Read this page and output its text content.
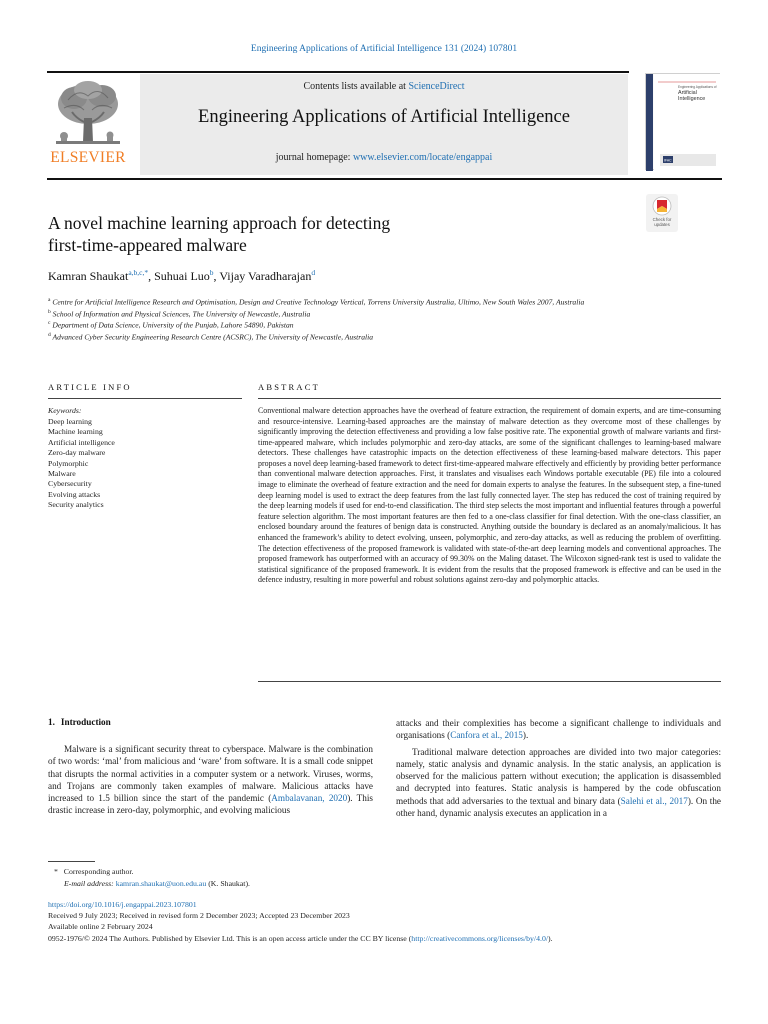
Engineering Applications of Artificial Intelligence 131 (2024) 107801
ELSEVIER
Contents lists available at ScienceDirect
Engineering Applications of Artificial Intelligence
journal homepage: www.elsevier.com/locate/engappai
Engineering Applications of
Artificial
Intelligence
IFAC
Check for
updates
A novel machine learning approach for detecting
first-time-appeared malware
Kamran Shaukat$^{a,b,c,*}$, Suhuai Luo$^b$, Vijay Varadharajan$^d$
$^a$ Centre for Artificial Intelligence Research and Optimisation, Design and Creative Technology Vertical, Torrens University Australia, Ultimo, New South Wales 2007, Australia
$^b$ School of Information and Physical Sciences, The University of Newcastle, Australia
$^c$ Department of Data Science, University of the Punjab, Lahore 54890, Pakistan
$^d$ Advanced Cyber Security Engineering Research Centre (ACSRC), The University of Newcastle, Australia
ARTICLE INFO
Keywords:
Deep learning
Machine learning
Artificial intelligence
Zero-day malware
Polymorphic
Malware
Cybersecurity
Evolving attacks
Security analytics
ABSTRACT

Conventional malware detection approaches have the overhead of feature extraction, the requirement of domain experts, and are time-consuming and resource-intensive. Learning-based approaches are the mainstay of malware detection as they overcome most of these challenges by significantly improving the detection effectiveness and providing a low false positive rate. The exponential growth of malware variants and first-time-appeared malware, which includes polymorphic and zero-day attacks, are some of the significant challenges to learning-based malware detectors. These challenges have catastrophic impacts on the detection effectiveness of these learning-based malware detectors. This paper proposes a novel deep learning-based framework to detect first-time-appeared malware effectively and efficiently by providing better performance than conventional malware detection approaches. First, it translates and visualises each Windows portable executable (PE) file into a coloured image to eliminate the overhead of feature extraction and the need for domain experts to analyse the features. In the subsequent step, a fine-tuned deep learning model is used to extract the deep features from the last fully connected layer. The step has reduced the cost of training required by the deep learning models if used for end-to-end classification. The third step selects the most important and influential features through a powerful feature selection algorithm. The most important features are then fed to a one-class classifier for final detection. With the one-class classifier, an enclosed boundary around the features of benign data is constructed. Anything outside the boundary is declared as an anomaly/malicious. It has enhanced the framework’s ability to detect evolving, unseen, polymorphic, and zero-day attacks, as well as reducing the problem of overfitting. The detection effectiveness of the proposed framework is validated with state-of-the-art deep learning models and conventional approaches. The proposed framework has outperformed with an accuracy of 99.30% on the Maling dataset. The Wilcoxon signed-rank test is used to validate the statistical significance of the proposed framework. It is evident from the results that the proposed framework is effective and can be used in the defence industry, resulting in more powerful and robust solutions against zero-day and polymorphic attacks.

1. Introduction

Malware is a significant security threat to cyberspace. Malware is the combination of two words: ‘mal’ from malicious and ‘ware’ from software. It is a small code snippet that disrupts the normal activities in a computer system or a network. Viruses, worms, and Trojans are commonly taken examples of malware. Malicious attacks have increased to 1.5 billion since the start of the pandemic (Ambalavanan, 2020). This drastic increase in zero-day, polymorphic, and evolving malicious

attacks and their complexities has become a significant challenge to individuals and organisations (Canfora et al., 2015).

Traditional malware detection approaches are divided into two major categories: namely, static analysis and dynamic analysis. In the static analysis, an application is observed for the malicious pattern without execution; the application is disassembled and decrypted into features. Static analysis is hampered by the code obfuscation methods that add adversaries to the textual and binary data (Salehi et al., 2017). On the other hand, dynamic analysis executes an application in a

* Corresponding author.
E-mail address: kamran.shaukat@uon.edu.au (K. Shaukat).
https://doi.org/10.1016/j.engappai.2023.107801
Received 9 July 2023; Received in revised form 2 December 2023; Accepted 23 December 2023
Available online 2 February 2024
0952-1976/© 2024 The Authors. Published by Elsevier Ltd. This is an open access article under the CC BY license (http://creativecommons.org/licenses/by/4.0/).
